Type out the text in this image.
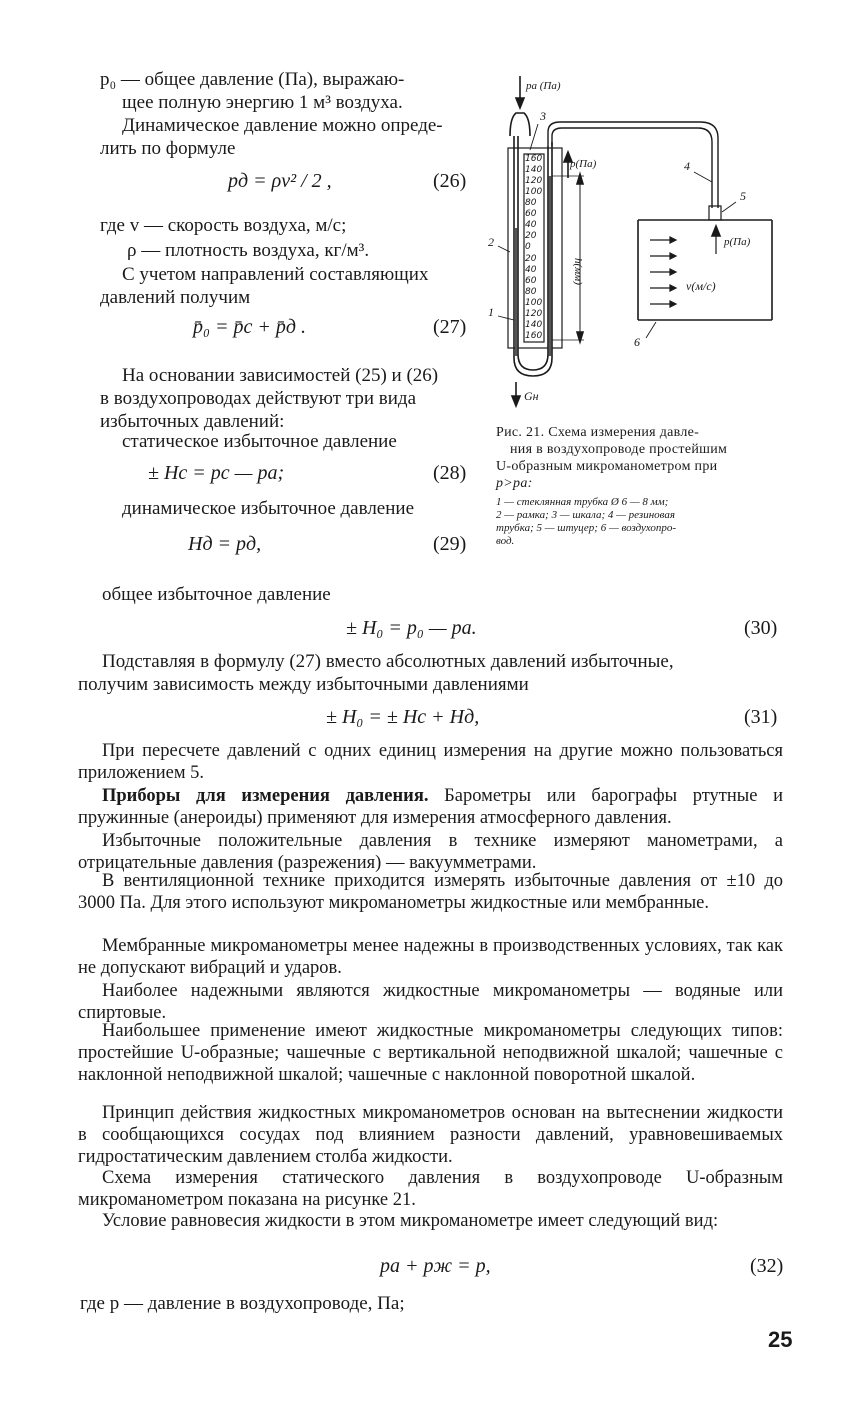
p₀ — общее давление (Па), выражаю-
щее полную энергию 1 м³ воздуха.
Динамическое давление можно опреде-
лить по формуле
pд = ρv² / 2 ,	(26)
где v — скорость воздуха, м/с;
ρ — плотность воздуха, кг/м³.
С учетом направлений составляющих
давлений получим
p̄₀ = p̄с + p̄д .	(27)
На основании зависимостей (25) и (26)
в воздухопроводах действуют три вида
избыточных давлений:
статическое избыточное давление
± Hс = pс — pа;	(28)
динамическое избыточное давление
Hд = pд,	(29)
160
140
120
100
80
60
40
20
0
20
40
60
80
100
120
140
160
pа (Па)
p(Па)
h(мм)
p(Па)
v(м/с)
Gн
2
1
3
4
5
6
Рис. 21. Схема измерения давле-
ния в воздухопроводе простейшим
U-образным микроманометром при
p>pа:
1 — стеклянная трубка Ø 6 — 8 мм;
2 — рамка; 3 — шкала; 4 — резиновая
трубка; 5 — штуцер; 6 — воздухопро-
вод.
общее избыточное давление
± H₀ = p₀ — pа.	(30)
Подставляя в формулу (27) вместо абсолютных давлений избыточные,
получим зависимость между избыточными давлениями
± H₀ = ± Hс + Hд,	(31)
При пересчете давлений с одних единиц измерения на другие можно пользоваться приложением 5.
Приборы для измерения давления. Барометры или барографы ртутные и пружинные (анероиды) применяют для измерения атмосферного давления.
Избыточные положительные давления в технике измеряют манометрами, а отрицательные давления (разрежения) — вакуумметрами.
В вентиляционной технике приходится измерять избыточные давления от ±10 до 3000 Па. Для этого используют микроманометры жидкостные или мембранные.
Мембранные микроманометры менее надежны в производственных условиях, так как не допускают вибраций и ударов.
Наиболее надежными являются жидкостные микроманометры — водяные или спиртовые.
Наибольшее применение имеют жидкостные микроманометры следующих типов: простейшие U-образные; чашечные с вертикальной неподвижной шкалой; чашечные с наклонной неподвижной шкалой; чашечные с наклонной поворотной шкалой.
Принцип действия жидкостных микроманометров основан на вытеснении жидкости в сообщающихся сосудах под влиянием разности давлений, уравновешиваемых гидростатическим давлением столба жидкости.
Схема измерения статического давления в воздухопроводе U-образным микроманометром показана на рисунке 21.
Условие равновесия жидкости в этом микроманометре имеет следующий вид:
pа + pж = p,	(32)
где p — давление в воздухопроводе, Па;
25
